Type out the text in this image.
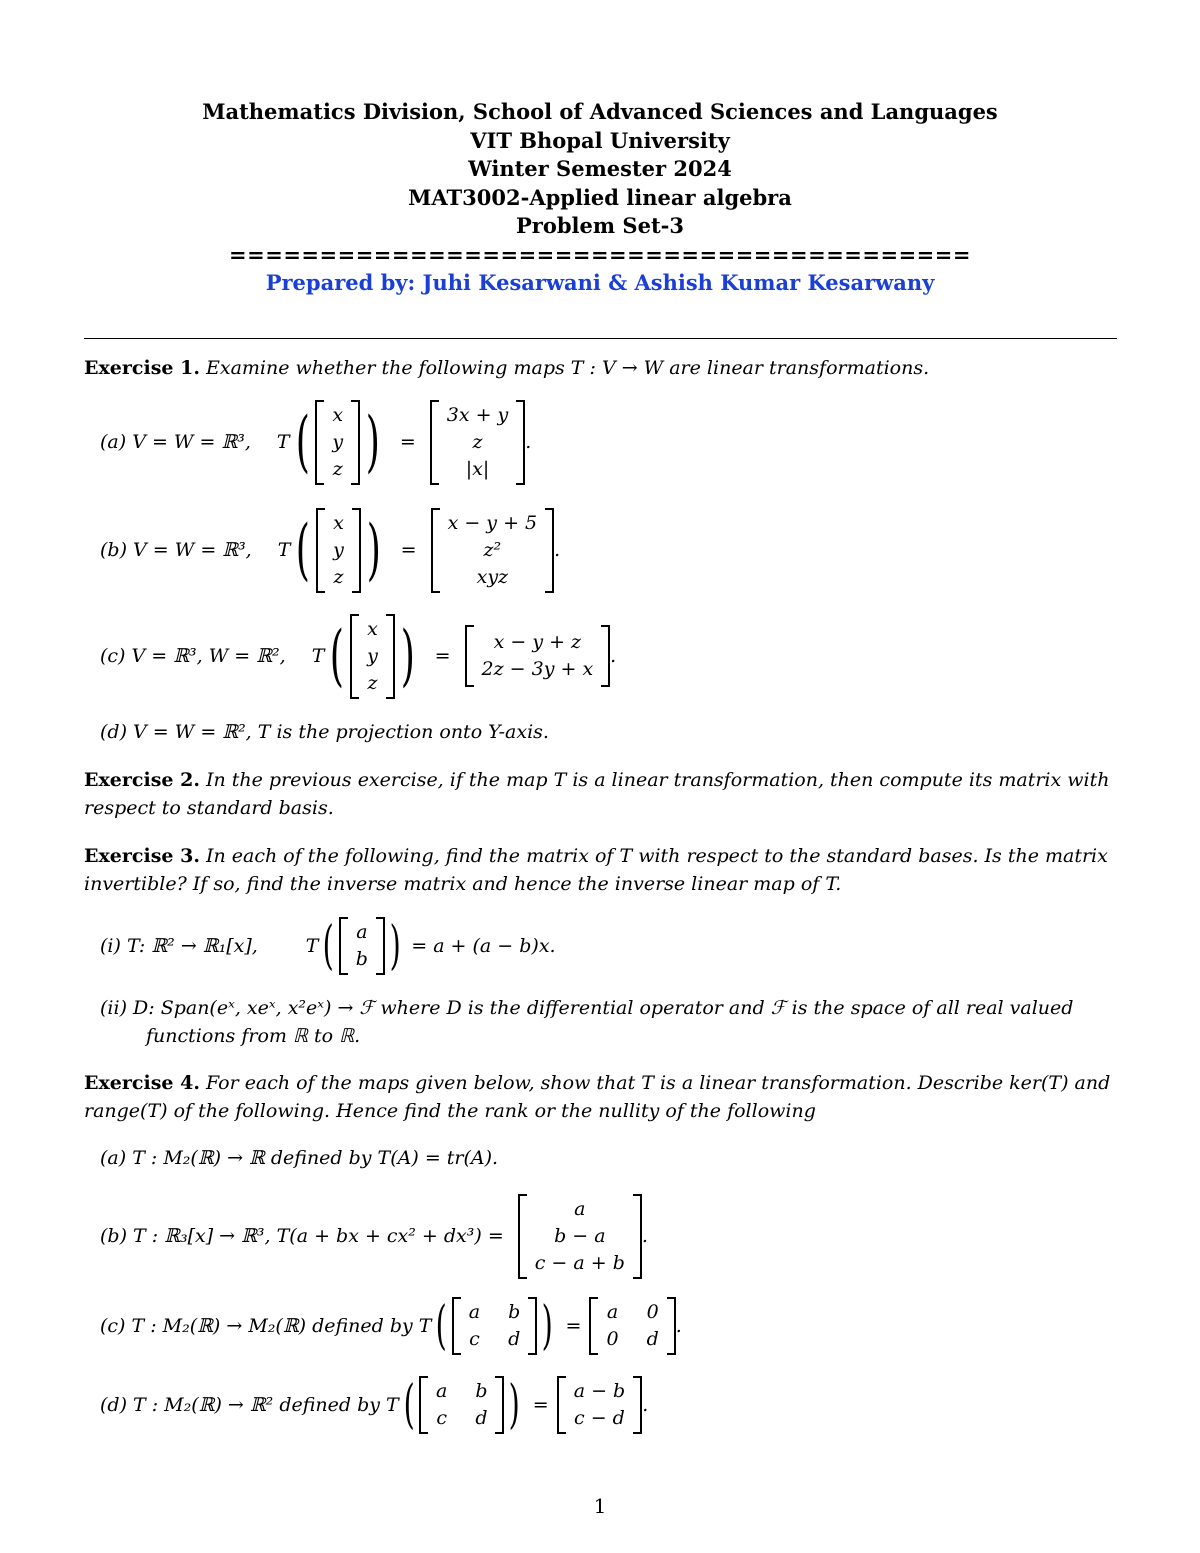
Mathematics Division, School of Advanced Sciences and Languages
VIT Bhopal University
Winter Semester 2024
MAT3002-Applied linear algebra
Problem Set-3
=========================================
Prepared by: Juhi Kesarwani & Ashish Kumar Kesarwany
Exercise 1. Examine whether the following maps T : V → W are linear transformations.
(a) V = W = ℝ³, T ( x
y
z ) =
3x + y
z
|x|
.
(b) V = W = ℝ³, T ( x
y
z ) =
x − y + 5
z²
xyz
.
(c) V = ℝ³, W = ℝ², T ( x
y
z ) =
x − y + z
2z − 3y + x
.
(d) V = W = ℝ², T is the projection onto Y-axis.
Exercise 2. In the previous exercise, if the map T is a linear transformation, then compute its matrix with respect to standard basis.
Exercise 3. In each of the following, find the matrix of T with respect to the standard bases. Is the matrix invertible? If so, find the inverse matrix and hence the inverse linear map of T.
(i) T: ℝ² → ℝ₁[x],	T ( a
b ) = a + (a − b)x.
(ii) D: Span(eˣ, xeˣ, x²eˣ) → ℱ where D is the differential operator and ℱ is the space of all real valued functions from ℝ to ℝ.
Exercise 4. For each of the maps given below, show that T is a linear transformation. Describe ker(T) and range(T) of the following. Hence find the rank or the nullity of the following
(a) T : M₂(ℝ) → ℝ defined by T(A) = tr(A).
(b) T : ℝ₃[x] → ℝ³, T(a + bx + cx² + dx³) =
a
b − a
c − a + b
.
(c) T : M₂(ℝ) → M₂(ℝ) defined by T ( a b
c d ) =
a 0
0 d
.
(d) T : M₂(ℝ) → ℝ² defined by T ( a b
c d ) =
a − b
c − d
.
1
